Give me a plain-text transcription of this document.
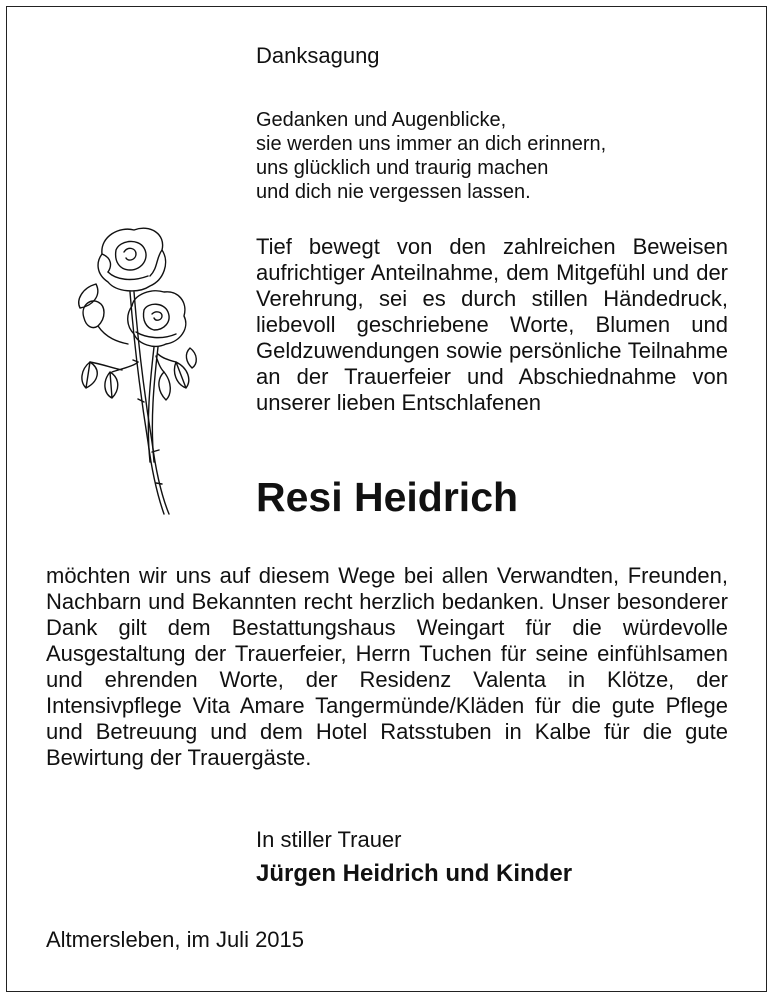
Danksagung
Gedanken und Augenblicke,
sie werden uns immer an dich erinnern,
uns glücklich und traurig machen
und dich nie vergessen lassen.

Tief bewegt von den zahlreichen Beweisen aufrichtiger Anteilnahme, dem Mitgefühl und der Verehrung, sei es durch stillen Händedruck, liebevoll geschriebene Worte, Blumen und Geldzuwendungen sowie persönliche Teilnahme an der Trauerfeier und Abschiednahme von unserer lieben Entschlafenen

Resi Heidrich

möchten wir uns auf diesem Wege bei allen Verwandten, Freunden, Nachbarn und Bekannten recht herzlich bedanken. Unser besonderer Dank gilt dem Bestattungshaus Weingart für die würdevolle Ausgestaltung der Trauerfeier, Herrn Tuchen für seine einfühlsamen und ehrenden Worte, der Residenz Valenta in Klötze, der Intensivpflege Vita Amare Tangermünde/Kläden für die gute Pflege und Betreuung und dem Hotel Ratsstuben in Kalbe für die gute Bewirtung der Trauergäste.

In stiller Trauer
Jürgen Heidrich und Kinder
Altmersleben, im Juli 2015
